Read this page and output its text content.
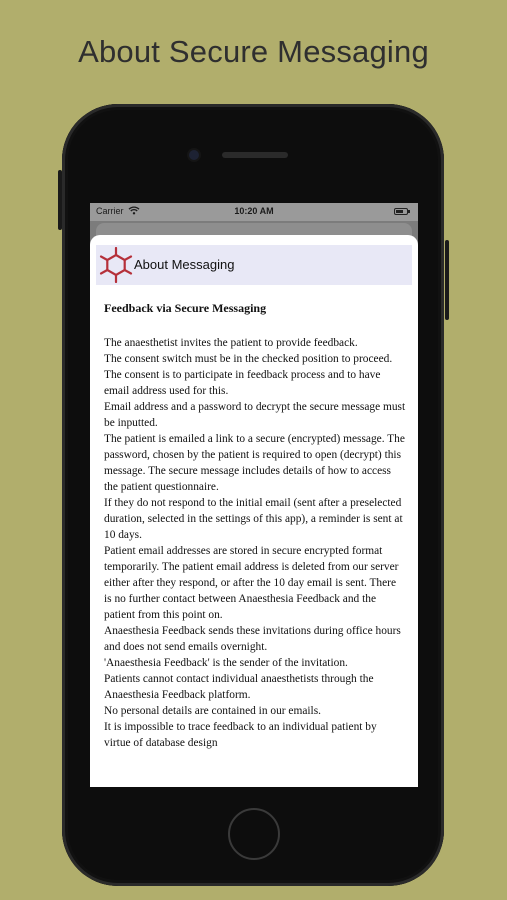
About Secure Messaging
Carrier	10:20 AM
About Messaging
Feedback via Secure Messaging

The anaesthetist invites the patient to provide feedback.

The consent switch must be in the checked position to proceed. The consent is to participate in feedback process and to have email address used for this.

Email address and a password to decrypt the secure message must be inputted.

The patient is emailed a link to a secure (encrypted) message. The password, chosen by the patient is required to open (decrypt) this message. The secure message includes details of how to access the patient questionnaire.

If they do not respond to the initial email (sent after a preselected duration, selected in the settings of this app), a reminder is sent at 10 days.

Patient email addresses are stored in secure encrypted format temporarily. The patient email address is deleted from our server either after they respond, or after the 10 day email is sent. There is no further contact between Anaesthesia Feedback and the patient from this point on.

Anaesthesia Feedback sends these invitations during office hours and does not send emails overnight.

'Anaesthesia Feedback' is the sender of the invitation.

Patients cannot contact individual anaesthetists through the Anaesthesia Feedback platform.

No personal details are contained in our emails.

It is impossible to trace feedback to an individual patient by virtue of database design
